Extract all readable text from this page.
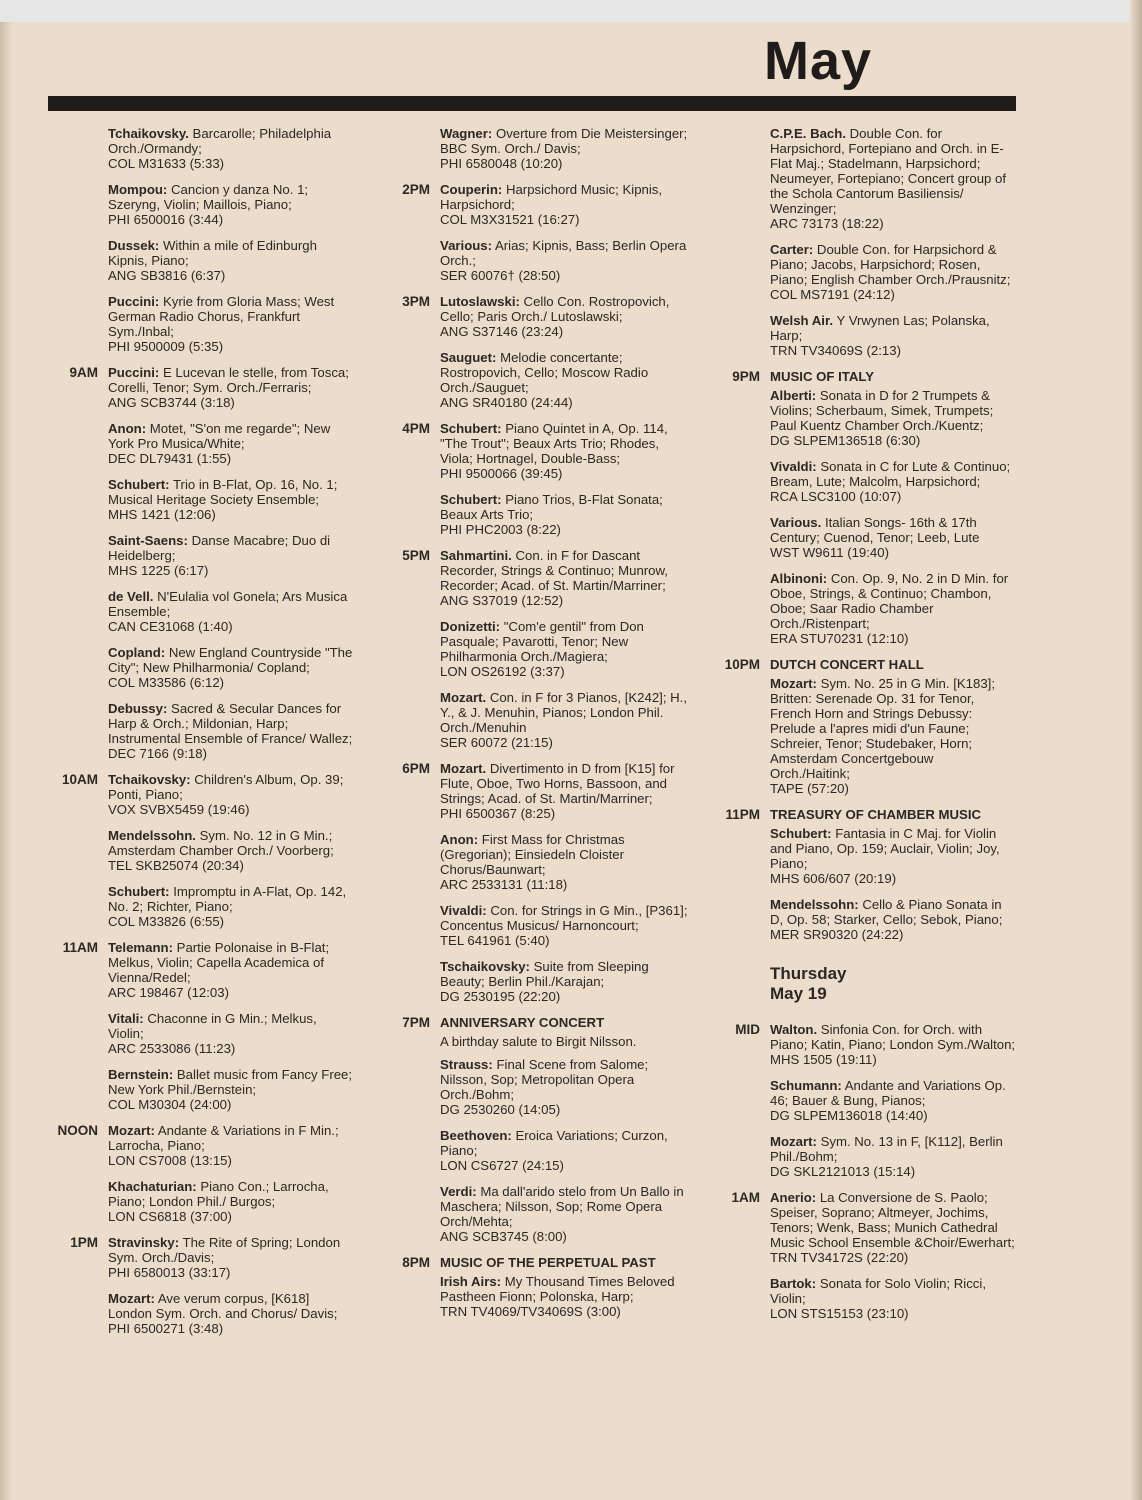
May
Tchaikovsky. Barcarolle; Philadelphia Orch./Ormandy;
COL M31633 (5:33)
Mompou: Cancion y danza No. 1; Szeryng, Violin; Maillois, Piano;
PHI 6500016 (3:44)
Dussek: Within a mile of Edinburgh Kipnis, Piano;
ANG SB3816 (6:37)
Puccini: Kyrie from Gloria Mass; West German Radio Chorus, Frankfurt Sym./Inbal;
PHI 9500009 (5:35)
9AM Puccini: E Lucevan le stelle, from Tosca; Corelli, Tenor; Sym. Orch./Ferraris;
ANG SCB3744 (3:18)
Anon: Motet, "S'on me regarde"; New York Pro Musica/White;
DEC DL79431 (1:55)
Schubert: Trio in B-Flat, Op. 16, No. 1; Musical Heritage Society Ensemble;
MHS 1421 (12:06)
Saint-Saens: Danse Macabre; Duo di Heidelberg;
MHS 1225 (6:17)
de Vell. N'Eulalia vol Gonela; Ars Musica Ensemble;
CAN CE31068 (1:40)
Copland: New England Countryside "The City"; New Philharmonia/ Copland;
COL M33586 (6:12)
Debussy: Sacred & Secular Dances for Harp & Orch.; Mildonian, Harp; Instrumental Ensemble of France/ Wallez;
DEC 7166 (9:18)
10AM Tchaikovsky: Children's Album, Op. 39; Ponti, Piano;
VOX SVBX5459 (19:46)
Mendelssohn. Sym. No. 12 in G Min.; Amsterdam Chamber Orch./ Voorberg;
TEL SKB25074 (20:34)
Schubert: Impromptu in A-Flat, Op. 142, No. 2; Richter, Piano;
COL M33826 (6:55)
11AM Telemann: Partie Polonaise in B-Flat; Melkus, Violin; Capella Academica of Vienna/Redel;
ARC 198467 (12:03)
Vitali: Chaconne in G Min.; Melkus, Violin;
ARC 2533086 (11:23)
Bernstein: Ballet music from Fancy Free; New York Phil./Bernstein;
COL M30304 (24:00)
NOON Mozart: Andante & Variations in F Min.; Larrocha, Piano;
LON CS7008 (13:15)
Khachaturian: Piano Con.; Larrocha, Piano; London Phil./ Burgos;
LON CS6818 (37:00)
1PM Stravinsky: The Rite of Spring; London Sym. Orch./Davis;
PHI 6580013 (33:17)
Mozart: Ave verum corpus, [K618] London Sym. Orch. and Chorus/ Davis;
PHI 6500271 (3:48)
Wagner: Overture from Die Meistersinger; BBC Sym. Orch./ Davis;
PHI 6580048 (10:20)
2PM Couperin: Harpsichord Music; Kipnis, Harpsichord;
COL M3X31521 (16:27)
Various: Arias; Kipnis, Bass; Berlin Opera Orch.;
SER 60076† (28:50)
3PM Lutoslawski: Cello Con. Rostropovich, Cello; Paris Orch./ Lutoslawski;
ANG S37146 (23:24)
Sauguet: Melodie concertante; Rostropovich, Cello; Moscow Radio Orch./Sauguet;
ANG SR40180 (24:44)
4PM Schubert: Piano Quintet in A, Op. 114, "The Trout"; Beaux Arts Trio; Rhodes, Viola; Hortnagel, Double-Bass;
PHI 9500066 (39:45)
Schubert: Piano Trios, B-Flat Sonata; Beaux Arts Trio;
PHI PHC2003 (8:22)
5PM Sahmartini. Con. in F for Dascant Recorder, Strings & Continuo; Munrow, Recorder; Acad. of St. Martin/Marriner;
ANG S37019 (12:52)
Donizetti: "Com'e gentil" from Don Pasquale; Pavarotti, Tenor; New Philharmonia Orch./Magiera;
LON OS26192 (3:37)
Mozart. Con. in F for 3 Pianos, [K242]; H., Y., & J. Menuhin, Pianos; London Phil. Orch./Menuhin
SER 60072 (21:15)
6PM Mozart. Divertimento in D from [K15] for Flute, Oboe, Two Horns, Bassoon, and Strings; Acad. of St. Martin/Marriner;
PHI 6500367 (8:25)
Anon: First Mass for Christmas (Gregorian); Einsiedeln Cloister Chorus/Baunwart;
ARC 2533131 (11:18)
Vivaldi: Con. for Strings in G Min., [P361]; Concentus Musicus/ Harnoncourt;
TEL 641961 (5:40)
Tschaikovsky: Suite from Sleeping Beauty; Berlin Phil./Karajan;
DG 2530195 (22:20)
7PM ANNIVERSARY CONCERT
A birthday salute to Birgit Nilsson.
Strauss: Final Scene from Salome; Nilsson, Sop; Metropolitan Opera Orch./Bohm;
DG 2530260 (14:05)
Beethoven: Eroica Variations; Curzon, Piano;
LON CS6727 (24:15)
Verdi: Ma dall'arido stelo from Un Ballo in Maschera; Nilsson, Sop; Rome Opera Orch/Mehta;
ANG SCB3745 (8:00)
8PM MUSIC OF THE PERPETUAL PAST
Irish Airs: My Thousand Times Beloved Pastheen Fionn; Polonska, Harp;
TRN TV4069/TV34069S (3:00)
C.P.E. Bach. Double Con. for Harpsichord, Fortepiano and Orch. in E-Flat Maj.; Stadelmann, Harpsichord; Neumeyer, Fortepiano; Concert group of the Schola Cantorum Basiliensis/ Wenzinger;
ARC 73173 (18:22)
Carter: Double Con. for Harpsichord & Piano; Jacobs, Harpsichord; Rosen, Piano; English Chamber Orch./Prausnitz;
COL MS7191 (24:12)
Welsh Air. Y Vrwynen Las; Polanska, Harp;
TRN TV34069S (2:13)
9PM MUSIC OF ITALY
Alberti: Sonata in D for 2 Trumpets & Violins; Scherbaum, Simek, Trumpets; Paul Kuentz Chamber Orch./Kuentz;
DG SLPEM136518 (6:30)
Vivaldi: Sonata in C for Lute & Continuo; Bream, Lute; Malcolm, Harpsichord;
RCA LSC3100 (10:07)
Various. Italian Songs- 16th & 17th Century; Cuenod, Tenor; Leeb, Lute
WST W9611 (19:40)
Albinoni: Con. Op. 9, No. 2 in D Min. for Oboe, Strings, & Continuo; Chambon, Oboe; Saar Radio Chamber Orch./Ristenpart;
ERA STU70231 (12:10)
10PM DUTCH CONCERT HALL
Mozart: Sym. No. 25 in G Min. [K183]; Britten: Serenade Op. 31 for Tenor, French Horn and Strings Debussy: Prelude a l'apres midi d'un Faune; Schreier, Tenor; Studebaker, Horn; Amsterdam Concertgebouw Orch./Haitink;
TAPE (57:20)
11PM TREASURY OF CHAMBER MUSIC
Schubert: Fantasia in C Maj. for Violin and Piano, Op. 159; Auclair, Violin; Joy, Piano;
MHS 606/607 (20:19)
Mendelssohn: Cello & Piano Sonata in D, Op. 58; Starker, Cello; Sebok, Piano;
MER SR90320 (24:22)
Thursday
May 19
MID Walton. Sinfonia Con. for Orch. with Piano; Katin, Piano; London Sym./Walton;
MHS 1505 (19:11)
Schumann: Andante and Variations Op. 46; Bauer & Bung, Pianos;
DG SLPEM136018 (14:40)
Mozart: Sym. No. 13 in F, [K112], Berlin Phil./Bohm;
DG SKL2121013 (15:14)
1AM Anerio: La Conversione de S. Paolo; Speiser, Soprano; Altmeyer, Jochims, Tenors; Wenk, Bass; Munich Cathedral Music School Ensemble &Choir/Ewerhart;
TRN TV34172S (22:20)
Bartok: Sonata for Solo Violin; Ricci, Violin;
LON STS15153 (23:10)
